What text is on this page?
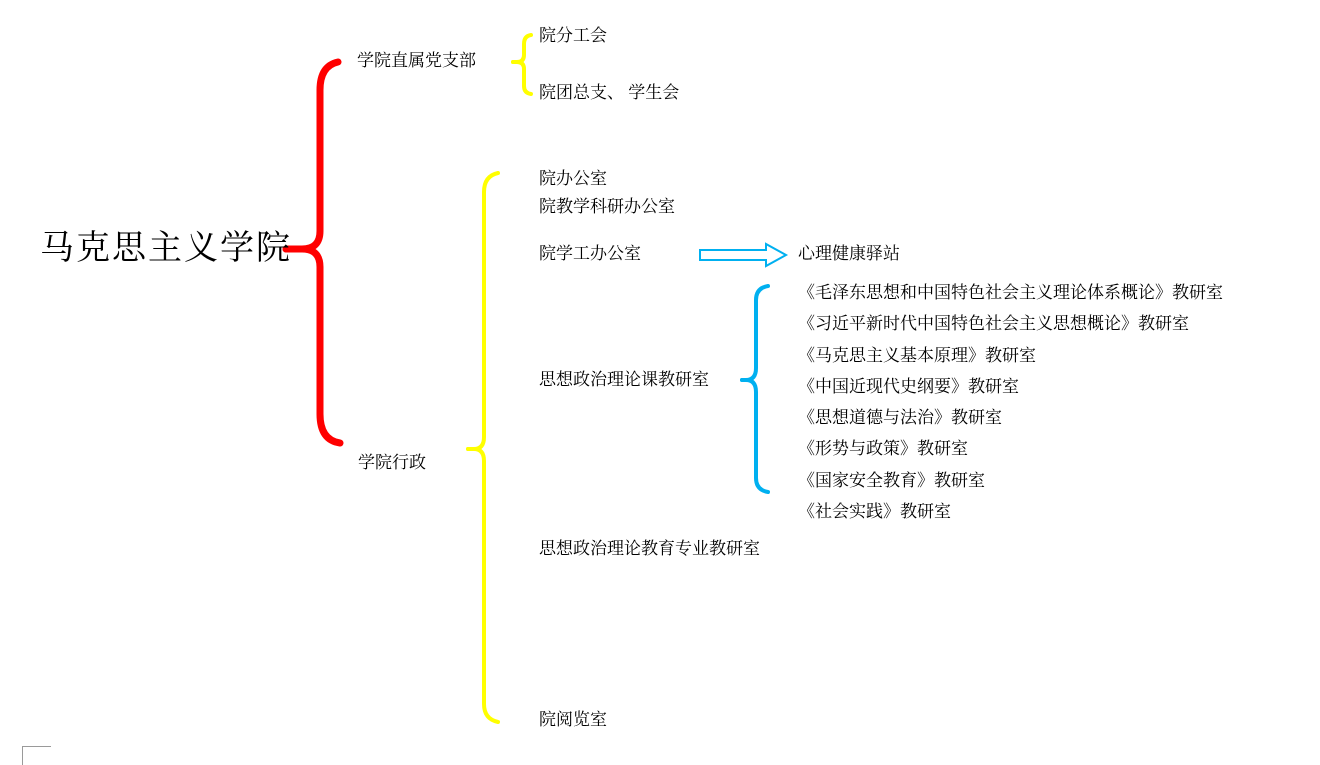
马克思主义学院
学院直属党支部
学院行政
院分工会
院团总支、 学生会
院办公室
院教学科研办公室
院学工办公室	心理健康驿站
思想政治理论课教研室
思想政治理论教育专业教研室
院阅览室
《毛泽东思想和中国特色社会主义理论体系概论》教研室
《习近平新时代中国特色社会主义思想概论》教研室
《马克思主义基本原理》教研室
《中国近现代史纲要》教研室
《思想道德与法治》教研室
《形势与政策》教研室
《国家安全教育》教研室
《社会实践》教研室
